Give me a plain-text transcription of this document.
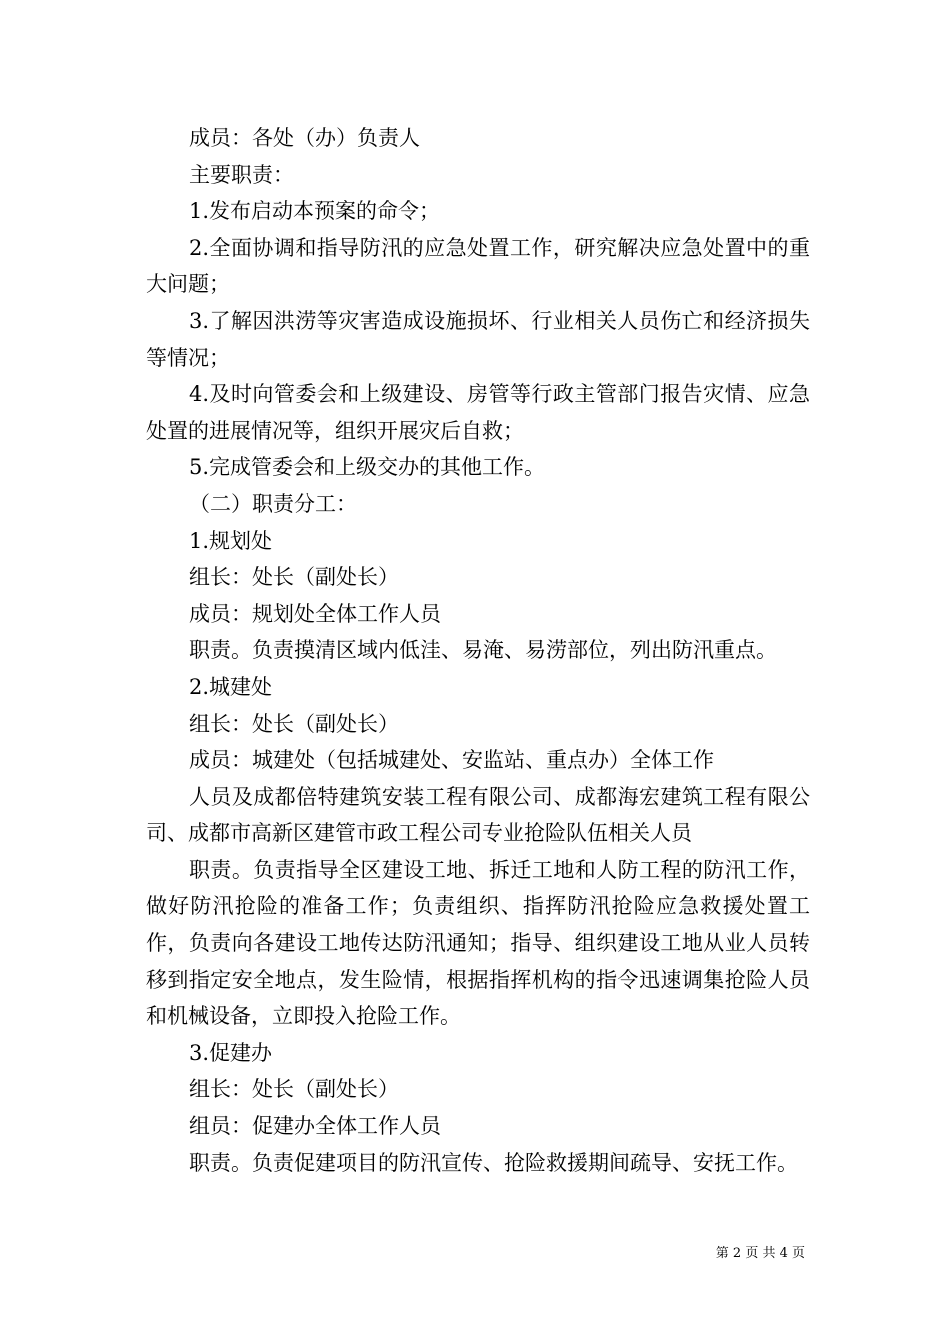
成员：各处（办）负责人

主要职责：

1.发布启动本预案的命令；

2.全面协调和指导防汛的应急处置工作，研究解决应急处置中的重大问题；

3.了解因洪涝等灾害造成设施损坏、行业相关人员伤亡和经济损失等情况；

4.及时向管委会和上级建设、房管等行政主管部门报告灾情、应急处置的进展情况等，组织开展灾后自救；

5.完成管委会和上级交办的其他工作。

（二）职责分工：

1.规划处

组长：处长（副处长）

成员：规划处全体工作人员

职责。负责摸清区域内低洼、易淹、易涝部位，列出防汛重点。

2.城建处

组长：处长（副处长）

成员：城建处（包括城建处、安监站、重点办）全体工作

人员及成都倍特建筑安装工程有限公司、成都海宏建筑工程有限公司、成都市高新区建管市政工程公司专业抢险队伍相关人员

职责。负责指导全区建设工地、拆迁工地和人防工程的防汛工作，做好防汛抢险的准备工作；负责组织、指挥防汛抢险应急救援处置工作，负责向各建设工地传达防汛通知；指导、组织建设工地从业人员转移到指定安全地点，发生险情，根据指挥机构的指令迅速调集抢险人员和机械设备，立即投入抢险工作。

3.促建办

组长：处长（副处长）

组员：促建办全体工作人员

职责。负责促建项目的防汛宣传、抢险救援期间疏导、安抚工作。

第 2 页 共 4 页
